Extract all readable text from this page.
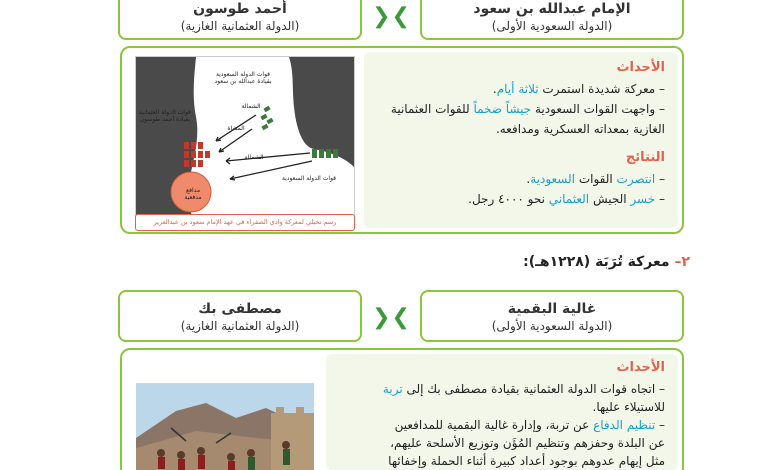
الإمام عبدالله بن سعود
(الدولة السعودية الأولى)
❯
❮
أحمد طوسون
(الدولة العثمانية الغازية)
الأحداث
– معركة شديدة استمرت ثلاثة أيام.
– واجهت القوات السعودية جيشاً ضخماً للقوات العثمانية
الغازية بمعداته العسكرية ومدافعه.
النتائج
– انتصرت القوات السعودية.
– خسر الجيش العثماني نحو ٤٠٠٠ رجل.
قوات الدولة السعودية بقيادة عبدالله بن سعود
قوات الدولة العثمانية بقيادة أحمد طوسون
الشمالة
المشاة
الشمالة
قوات الدولة السعودية
مدافع مدفعية
رسم تخيلي لمعركة وادي الصفراء في عهد الإمام سعود بن عبدالعزيز
٢– معركة تُرَبَة (١٢٢٨هـ):
غالية البقمية
(الدولة السعودية الأولى)
❯
❮
مصطفى بك
(الدولة العثمانية الغازية)
الأحداث
– اتجاه قوات الدولة العثمانية بقيادة مصطفى بك إلى تربة
للاستيلاء عليها.
– تنظيم الدفاع عن تربة، وإدارة غالية البقمية للمدافعين
عن البلدة وحفزهم وتنظيم المُؤَن وتوزيع الأسلحة عليهم،
مثل إيهام عدوهم بوجود أعداد كبيرة أثناء الحملة وإخفائها
